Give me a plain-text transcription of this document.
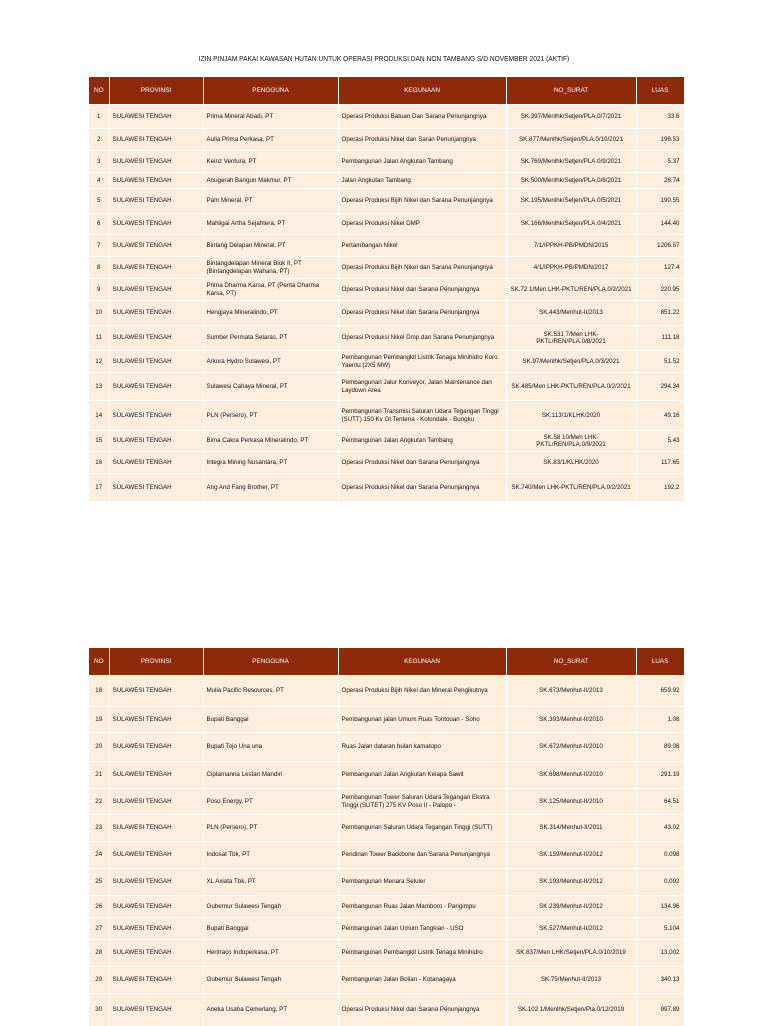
IZIN PINJAM PAKAI KAWASAN HUTAN UNTUK OPERASI PRODUKSI DAN NON TAMBANG S/D NOVEMBER 2021 (AKTIF)
NO	PROVINSI	PENGGUNA	KEGUNAAN	NO_SURAT	LUAS
1	SULAWESI TENGAH	Prima Mineral Abadi, PT	Operasi Produksi Batuan Dan Sarana Penunjangnya	SK.397/Menlhk/Setjen/PLA.0/7/2021	33.6
2	SULAWESI TENGAH	Aulia Prima Perkasa, PT	Operasi Produksi Nikel dan Saran Penunjangnya	SK.877/Menlhk/Setjen/PLA.0/10/2021	196.53
3	SULAWESI TENGAH	Keinz Ventura, PT	Pembangunan Jalan Angkutan Tambang	SK.769/Menlhk/Setjen/PLA.0/9/2021	5.37
4	SULAWESI TENGAH	Anugerah Bangun Makmur, PT	Jalan Angkutan Tambang	SK.500/Menlhk/Setjen/PLA.0/8/2021	26.74
5	SULAWESI TENGAH	Pam Mineral, PT	Operasi Produksi Bijih Nikel dan Sarana Penunjangnya	SK.195/Menlhk/Setjen/PLA.0/5/2021	190.55
6	SULAWESI TENGAH	Mahligai Artha Sejahtera, PT	Operasi Produksi Nikel DMP	SK.166/Menlhk/Setjen/PLA.0/4/2021	144.40
7	SULAWESI TENGAH	Bintang Delapan Mineral, PT	Pertambangan Nikel	7/1/IPPKH-PB/PMDN/2015	1206.57
8	SULAWESI TENGAH	Bintangdelapan Mineral Blok II, PT (Bintangdelapan Wahana, PT)	Operasi Produksi Bijih Nikel dan Sarana Penunjangnya	4/1/IPPKH-PB/PMDN/2017	127.4
9	SULAWESI TENGAH	Prima Dharma Karsa, PT (Penta Dharma Karsa, PT)	Operasi Produksi Nikel dan Sarana Penunjangnya	SK.72 1/Men LHK-PKTL/REN/PLA.0/2/2021	220.95
10	SULAWESI TENGAH	Hengjaya Mineralindo, PT	Operasi Produksi Nikel dan Sarana Penunjangnya	SK.443/Menhut-II/2013	851.22
11	SULAWESI TENGAH	Sumber Permata Selaras, PT	Operasi Produksi Nikel Dmp dan Sarana Penunjangnya	SK.531 7/Men LHK-PKTL/REN/PLA.0/8/2021	111.18
12	SULAWESI TENGAH	Arkora Hydro Sulawesi, PT	Pembangunan Pembangkit Listrik Tenaga Minihidro Koro Yaentu (2X5 MW)	SK.97/Menlhk/Setjen/PLA.0/3/2021	51.52
13	SULAWESI TENGAH	Sulawesi Cahaya Mineral, PT	Pembangunan Jalur Konveyor, Jalan Maintenance dan Laydown Area	SK.485/Men LHK-PKTL/REN/PLA.0/2/2021	294.34
14	SULAWESI TENGAH	PLN (Persero), PT	Pembangunan Transmisi Saluran Udara Tegangan Tinggi (SUTT) 150 Kv GI Tentena - Kolondale - Bungku	SK.113/1/KLHK/2020	49.16
15	SULAWESI TENGAH	Bima Cakra Perkasa Mineralindo, PT	Pembangunan Jalan Angkutan Tambang	SK.58 10/Men LHK-PKTL/REN/PLA.0/9/2021	5.43
16	SULAWESI TENGAH	Integra Mining Nusantara, PT	Operasi Produksi Nikel dan Sarana Penunjangnya	SK.83/1/KLHK/2020	117.65
17	SULAWESI TENGAH	Ang And Fang Brother, PT	Operasi Produksi Nikel dan Sarana Penunjangnya	SK.740/Men LHK-PKTL/REN/PLA.0/2/2021	192.2
NO	PROVINSI	PENGGUNA	KEGUNAAN	NO_SURAT	LUAS
18	SULAWESI TENGAH	Mulia Pacific Resources, PT	Operasi Produksi Bijih Nikel dan Mineral Pengikutnya	SK.673/Menhut-II/2013	659.92
19	SULAWESI TENGAH	Bupati Banggai	Pembangunan jalan Umum Ruas Tontouan - Soho	SK.393/Menhut-II/2010	1.08
20	SULAWESI TENGAH	Bupati Tojo Una una	Ruas Jalan dataran bulan kamatopo	SK.672/Menhut-II/2010	89.08
21	SULAWESI TENGAH	Ciptamanna Lestari Mandiri	Pembangunan Jalan Angkutan Kelapa Sawit	SK.698/Menhut-II/2010	291.19
22	SULAWESI TENGAH	Poso Energy, PT	Pembangunan Tower Saluran Udara Tegangan Ekstra Tinggi (SUTET) 275 KV Poso II - Palopo -	SK.125/Menhut-II/2010	64.51
23	SULAWESI TENGAH	PLN (Persero), PT	Pembangunan Saluran Udara Tegangan Tinggi (SUTT)	SK.314/Menhut-II/2011	43.02
24	SULAWESI TENGAH	Indosat Tbk, PT	Pendirian Tower Backbone dan Sarana Penunjangnya	SK.159/Menhut-II/2012	0.098
25	SULAWESI TENGAH	XL Axiata Tbk, PT	Pembangunan Menara Seluler	SK.193/Menhut-II/2012	0.092
26	SULAWESI TENGAH	Gubernur Sulawesi Tengah	Pembangunan Ruas Jalan Mamboro - Parigimpu	SK.239/Menhut-II/2012	134.96
27	SULAWESI TENGAH	Bupati Banggai	Pembangunan Jalan Umum Tangkian - USO	SK.527/Menhut-II/2012	5.104
28	SULAWESI TENGAH	Hentraco Indoperkasa, PT	Pembangunan Pembangkit Listrik Tenaga Minihidro	SK.837/Men LHK/Setjen/PLA.0/10/2019	13.002
29	SULAWESI TENGAH	Gubernur Sulawesi Tengah	Pembangunan Jalan Boilan - Kotanagaya	SK.75/Menhut-II/2013	340.13
30	SULAWESI TENGAH	Aneka Usaha Cemerlang, PT	Operasi Produksi Nikel dan Sarana Penunjangnya	SK.102 1/Menlhk/Setjen/Pla.0/12/2019	997.89
